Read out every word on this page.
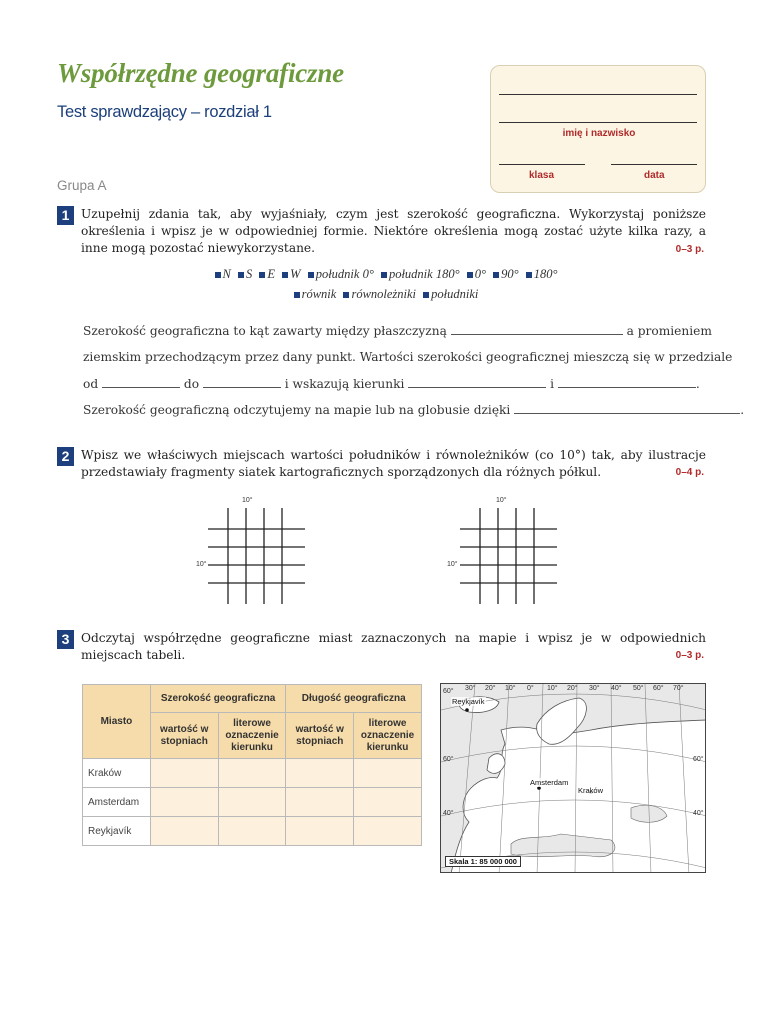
Współrzędne geograficzne
Test sprawdzający – rozdział 1
Grupa A
imię i nazwisko
klasa	data
1 Uzupełnij zdania tak, aby wyjaśniały, czym jest szerokość geograficzna. Wykorzystaj poniższe określenia i wpisz je w odpowiedniej formie. Niektóre określenia mogą zostać użyte kilka razy, a inne mogą pozostać niewykorzystane.	0–3 p.
N S E W południk 0° południk 180° 0° 90° 180°
równik równoleżniki południki
Szerokość geograficzna to kąt zawarty między płaszczyzną	a promieniem
ziemskim przechodzącym przez dany punkt. Wartości szerokości geograficznej mieszczą się w przedziale
od	do	i wskazują kierunki	i	.
Szerokość geograficzną odczytujemy na mapie lub na globusie dzięki	.
2 Wpisz we właściwych miejscach wartości południków i równoleżników (co 10°) tak, aby ilustracje przedstawiały fragmenty siatek kartograficznych sporządzonych dla różnych półkul.	0–4 p.
10°
10°
10°
10°
3 Odczytaj współrzędne geograficzne miast zaznaczonych na mapie i wpisz je w odpowiednich miejscach tabeli.	0–3 p.
Miasto	Szerokość geograficzna		Długość geograficzna	
	wartość w stopniach	literowe oznaczenie kierunku	wartość w stopniach	literowe oznaczenie kierunku
Kraków				
Amsterdam				
Reykjavík				
60°
60°
40°	40°
60°
30° 20° 10° 0° 10° 20° 30° 40° 50° 60° 70°
Reykjavík
Amsterdam
Kraków
Skala 1: 85 000 000
